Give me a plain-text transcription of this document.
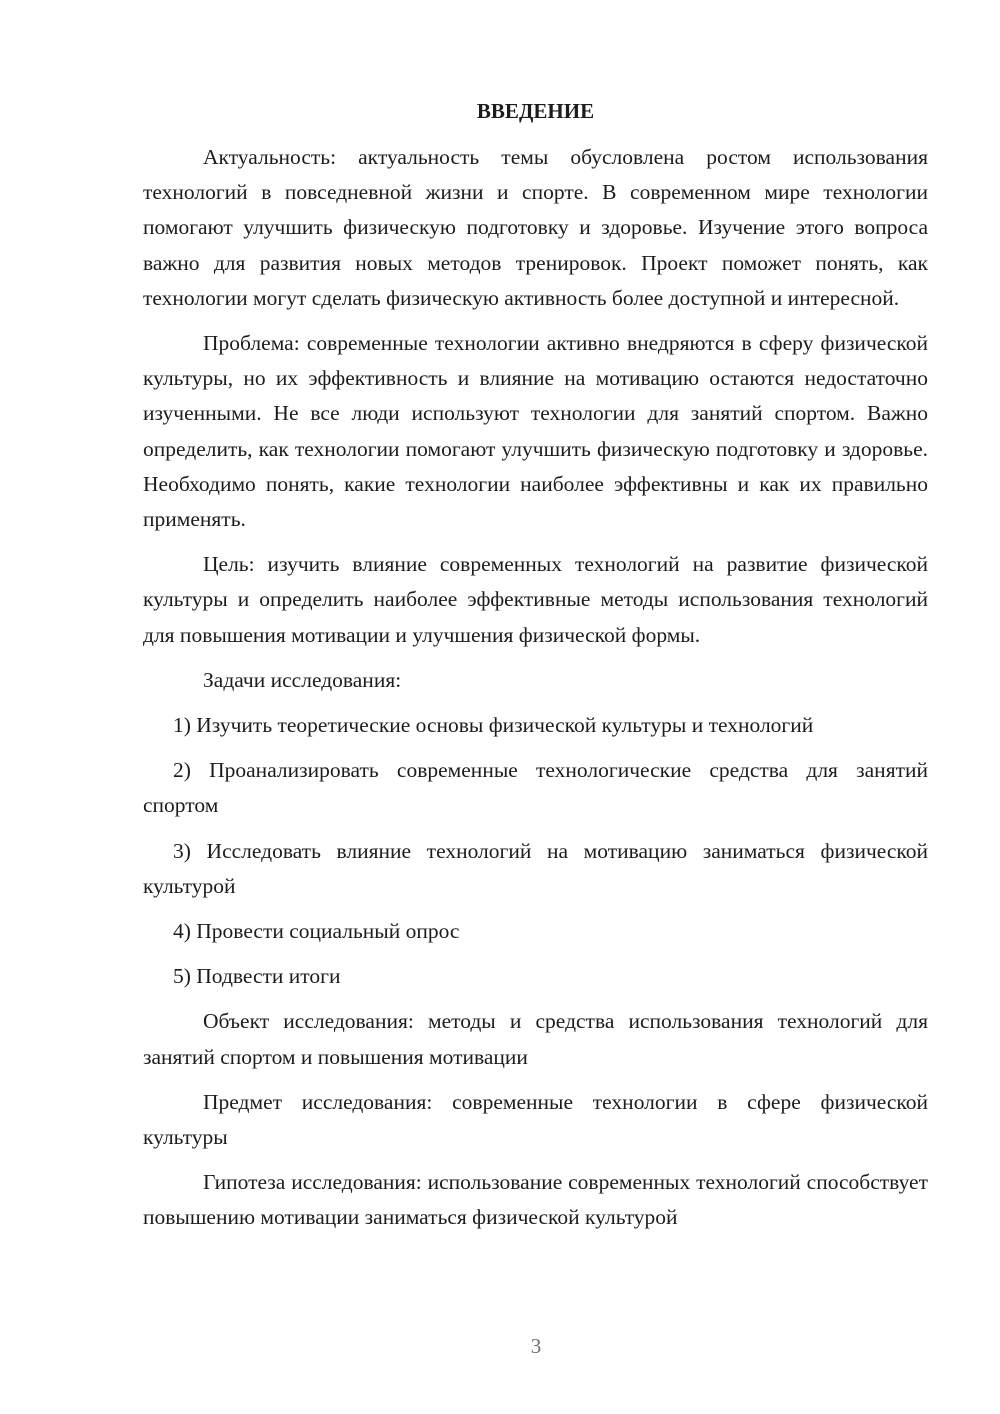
ВВЕДЕНИЕ

Актуальность: актуальность темы обусловлена ростом использования технологий в повседневной жизни и спорте. В современном мире технологии помогают улучшить физическую подготовку и здоровье. Изучение этого вопроса важно для развития новых методов тренировок. Проект поможет понять, как технологии могут сделать физическую активность более доступной и интересной.

Проблема: современные технологии активно внедряются в сферу физической культуры, но их эффективность и влияние на мотивацию остаются недостаточно изученными. Не все люди используют технологии для занятий спортом. Важно определить, как технологии помогают улучшить физическую подготовку и здоровье. Необходимо понять, какие технологии наиболее эффективны и как их правильно применять.

Цель: изучить влияние современных технологий на развитие физической культуры и определить наиболее эффективные методы использования технологий для повышения мотивации и улучшения физической формы.

Задачи исследования:

1) Изучить теоретические основы физической культуры и технологий

2) Проанализировать современные технологические средства для занятий спортом

3) Исследовать влияние технологий на мотивацию заниматься физической культурой

4) Провести социальный опрос

5) Подвести итоги

Объект исследования: методы и средства использования технологий для занятий спортом и повышения мотивации

Предмет исследования: современные технологии в сфере физической культуры

Гипотеза исследования: использование современных технологий способствует повышению мотивации заниматься физической культурой

3
